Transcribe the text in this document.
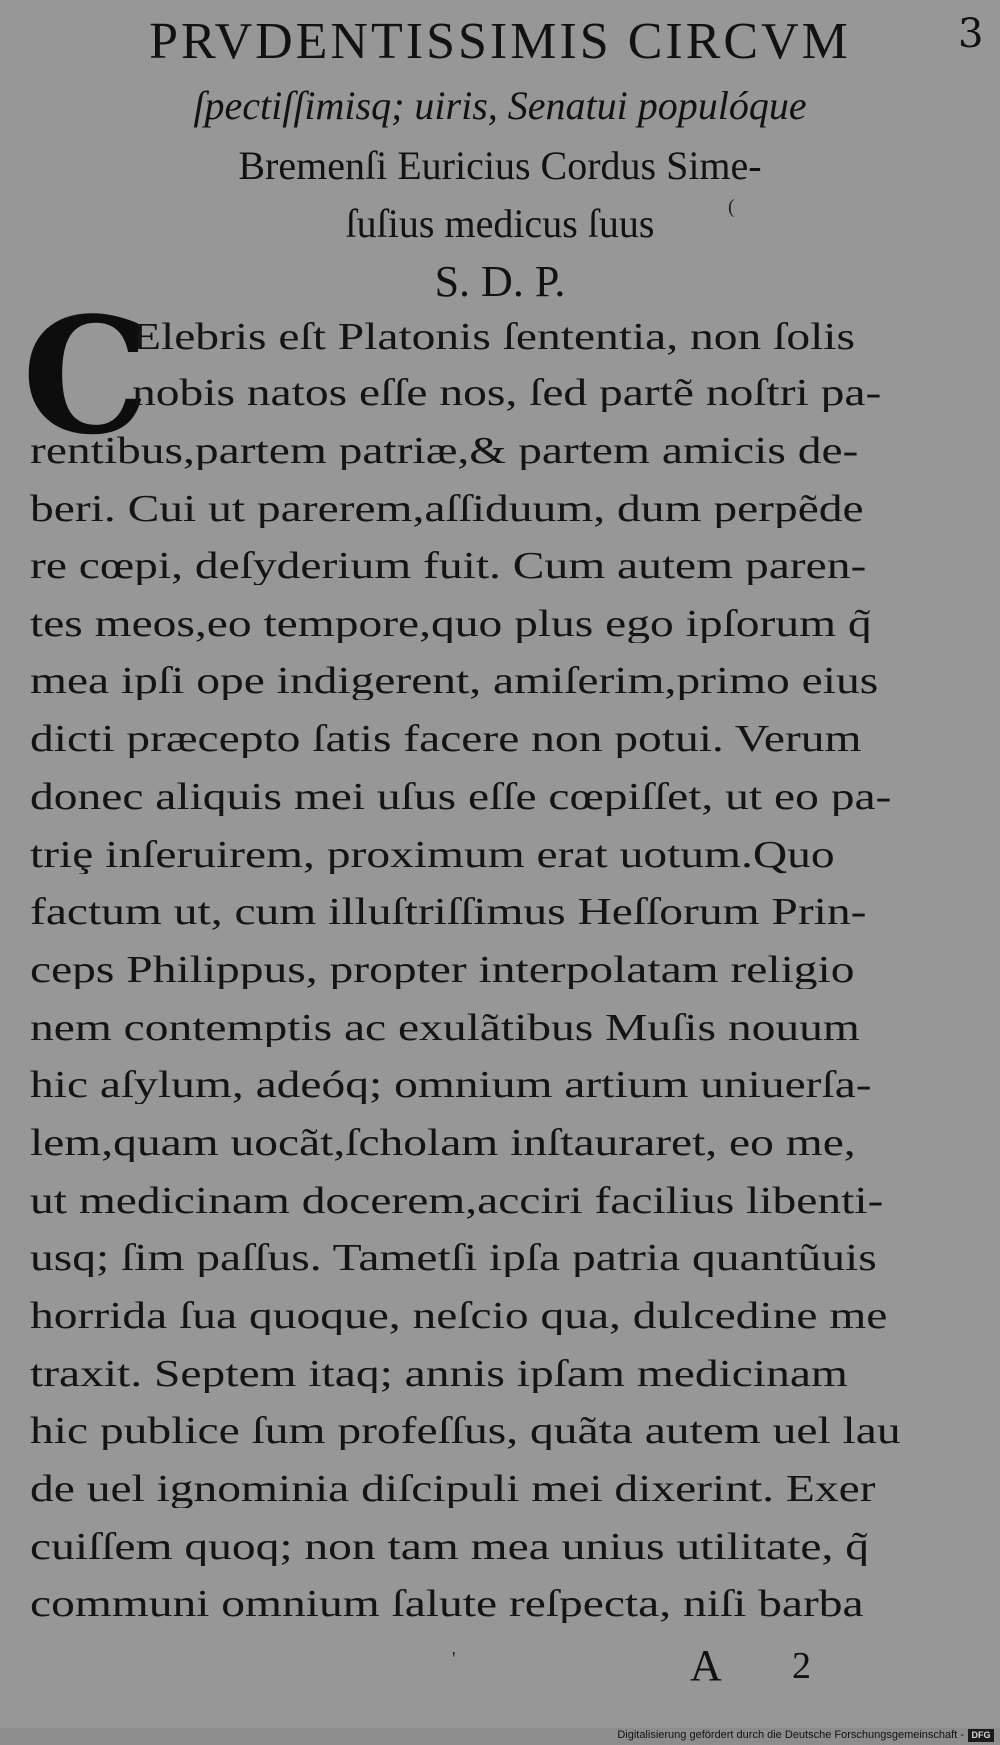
3
PRVDENTISSIMIS CIRCVM
ſpectiſſimisq; uiris, Senatui populóque
Bremenſi Euricius Cordus Sime-
ſuſius medicus ſuus
S. D. P.
C
Elebris eſt Platonis ſententia, non ſolis
nobis natos eſſe nos, ſed partẽ noſtri pa-
rentibus,partem patriæ,& partem amicis de-
beri. Cui ut parerem,aſſiduum, dum perpẽde
re cœpi, deſyderium fuit. Cum autem paren-
tes meos,eo tempore,quo plus ego ipſorum q̃
mea ipſi ope indigerent, amiſerim,primo eius
dicti præcepto ſatis facere non potui. Verum
donec aliquis mei uſus eſſe cœpiſſet, ut eo pa-
triȩ inſeruirem, proximum erat uotum.Quo
factum ut, cum illuſtriſſimus Heſſorum Prin-
ceps Philippus, propter interpolatam religio
nem contemptis ac exulãtibus Muſis nouum
hic aſylum, adeóq; omnium artium uniuerſa-
lem,quam uocãt,ſcholam inſtauraret, eo me,
ut medicinam docerem,acciri facilius libenti-
usq; ſim paſſus. Tametſi ipſa patria quantũuis
horrida ſua quoque, neſcio qua, dulcedine me
traxit. Septem itaq; annis ipſam medicinam
hic publice ſum profeſſus, quãta autem uel lau
de uel ignominia diſcipuli mei dixerint. Exer
cuiſſem quoq; non tam mea unius utilitate, q̃
communi omnium ſalute reſpecta, niſi barba
A 2
(
'
Digitalisierung gefördert durch die Deutsche Forschungsgemeinschaft - DFG
